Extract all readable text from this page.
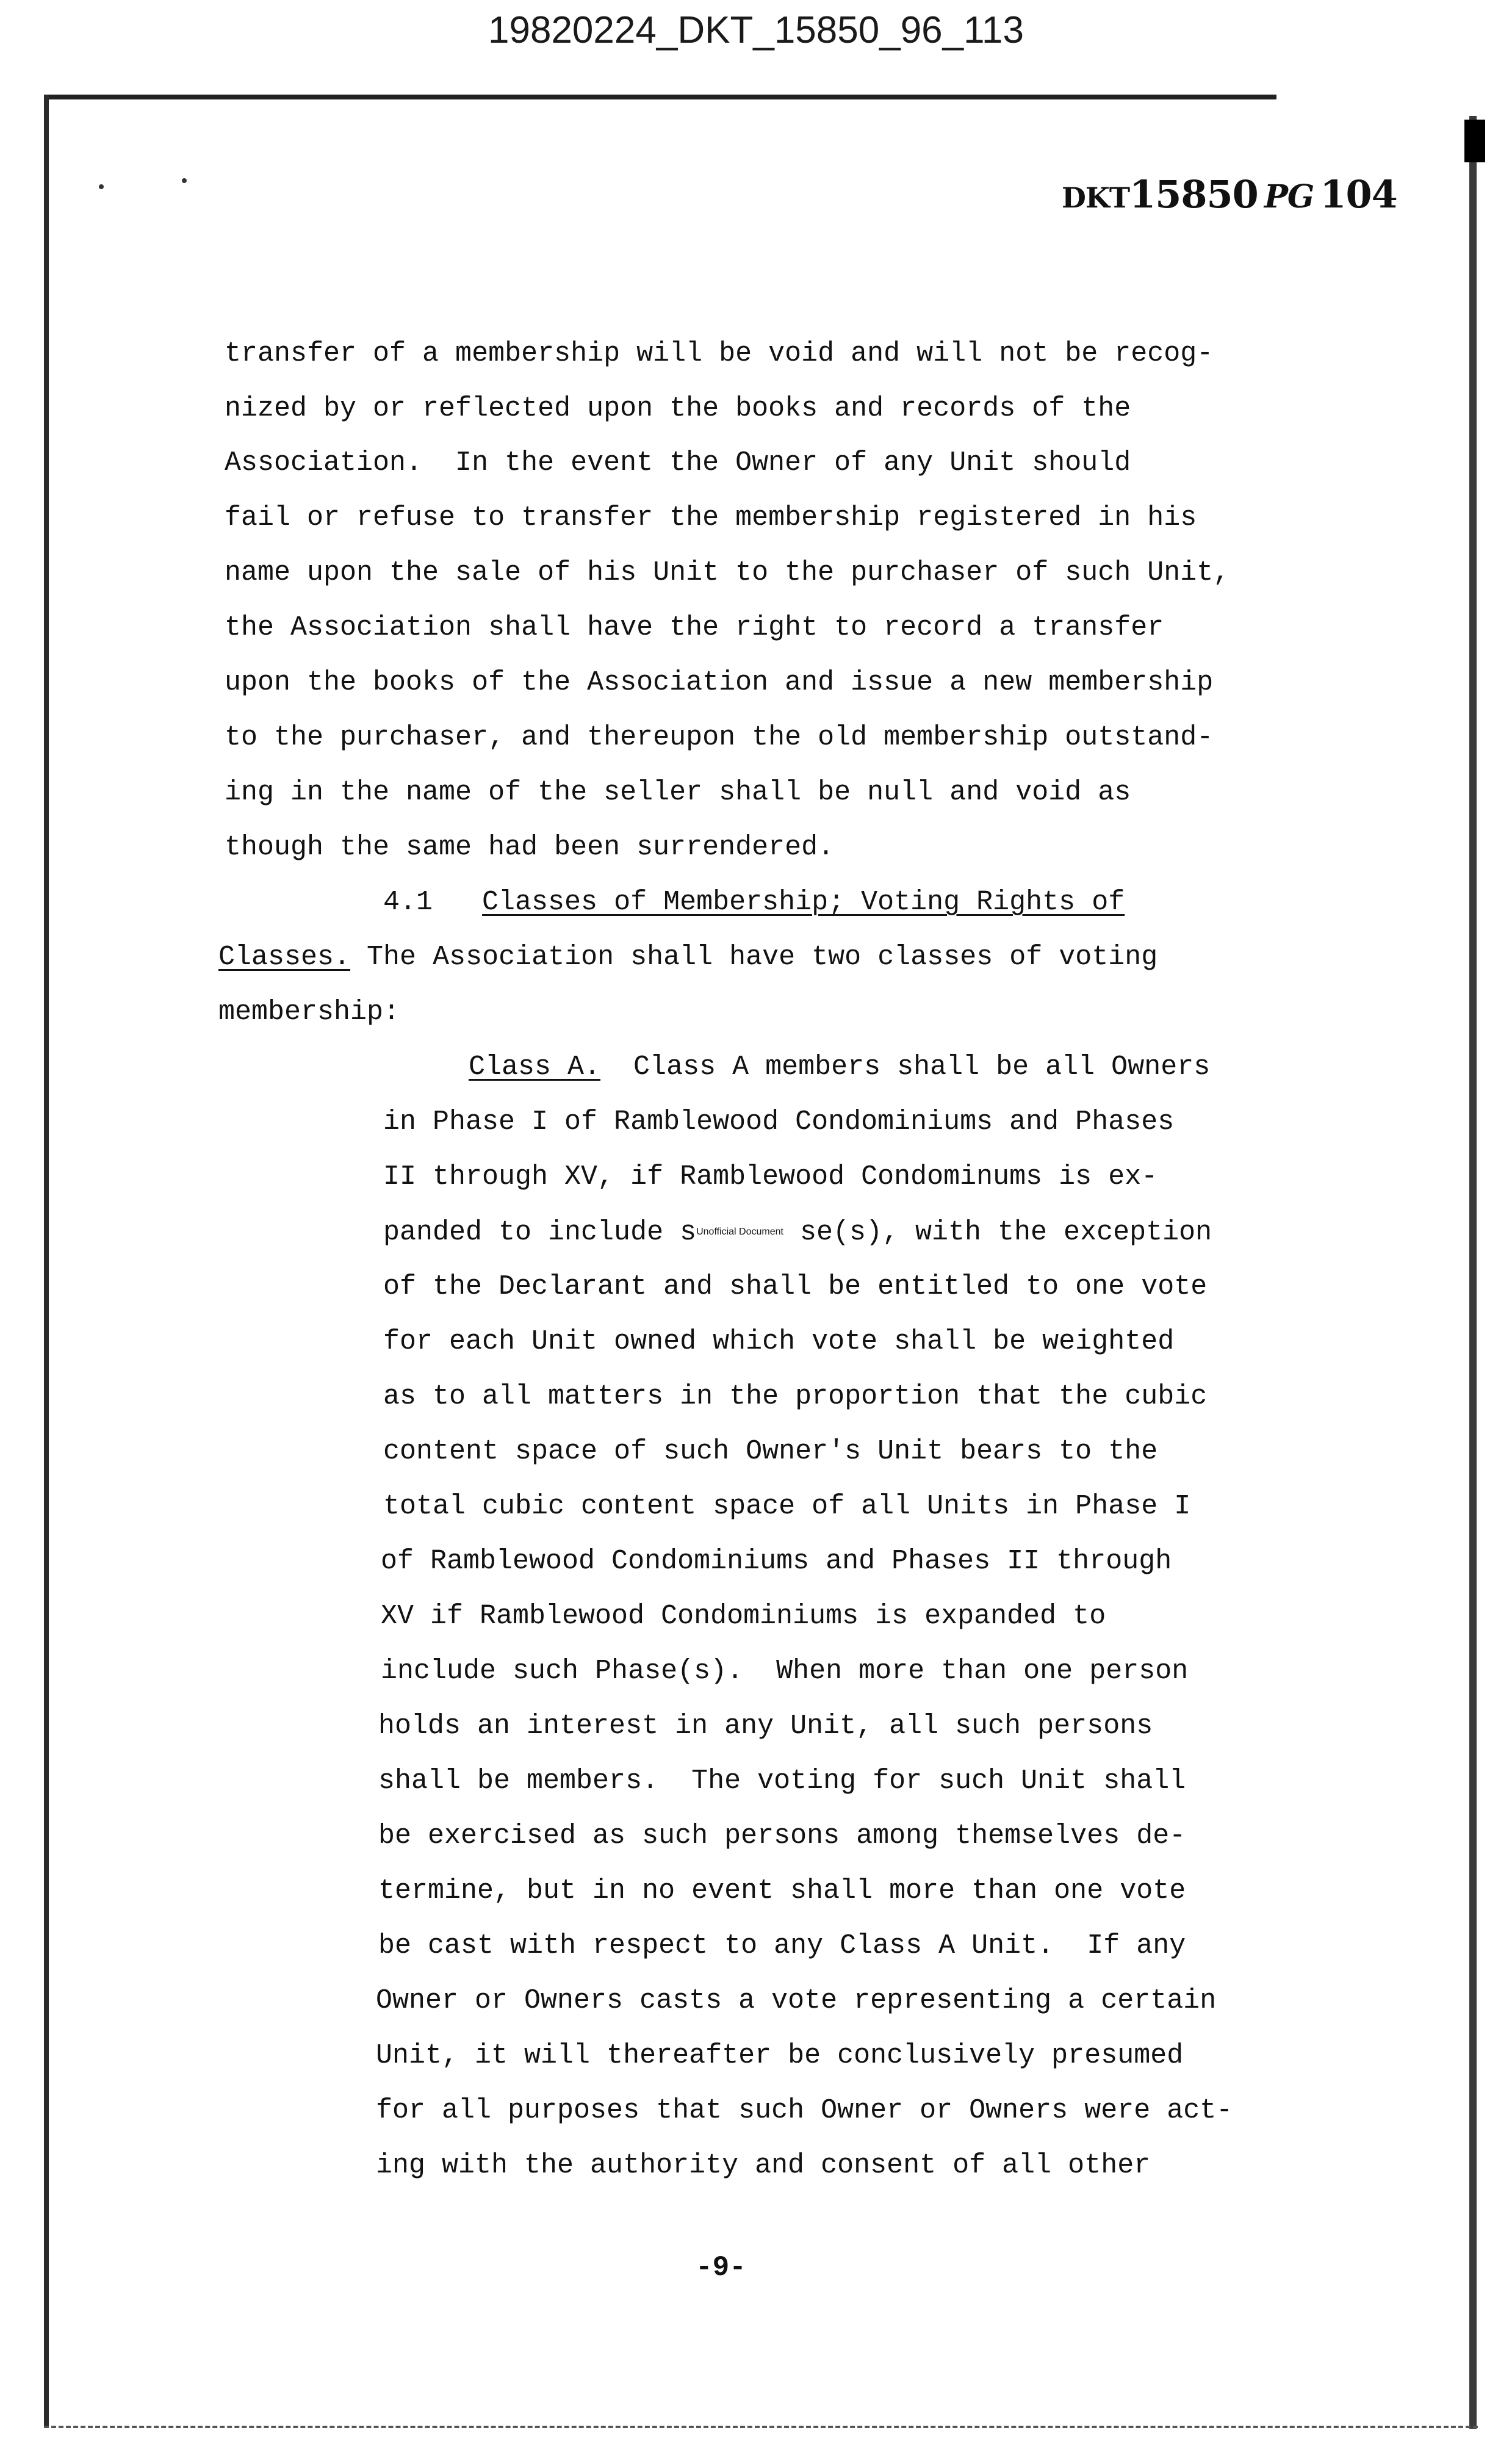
19820224_DKT_15850_96_113
DKT15850 PG 104

transfer of a membership will be void and will not be recog-

nized by or reflected upon the books and records of the

Association.  In the event the Owner of any Unit should

fail or refuse to transfer the membership registered in his

name upon the sale of his Unit to the purchaser of such Unit,

the Association shall have the right to record a transfer

upon the books of the Association and issue a new membership

to the purchaser, and thereupon the old membership outstand-

ing in the name of the seller shall be null and void as

though the same had been surrendered.

4.1 Classes of Membership; Voting Rights of

Classes. The Association shall have two classes of voting

membership:

Class A.  Class A members shall be all Owners

in Phase I of Ramblewood Condominiums and Phases

II through XV, if Ramblewood Condominums is ex-

panded to include sUnofficial Document se(s), with the exception

of the Declarant and shall be entitled to one vote

for each Unit owned which vote shall be weighted

as to all matters in the proportion that the cubic

content space of such Owner's Unit bears to the

total cubic content space of all Units in Phase I

of Ramblewood Condominiums and Phases II through

XV if Ramblewood Condominiums is expanded to

include such Phase(s).  When more than one person

holds an interest in any Unit, all such persons

shall be members.  The voting for such Unit shall

be exercised as such persons among themselves de-

termine, but in no event shall more than one vote

be cast with respect to any Class A Unit.  If any

Owner or Owners casts a vote representing a certain

Unit, it will thereafter be conclusively presumed

for all purposes that such Owner or Owners were act-

ing with the authority and consent of all other

-9-
